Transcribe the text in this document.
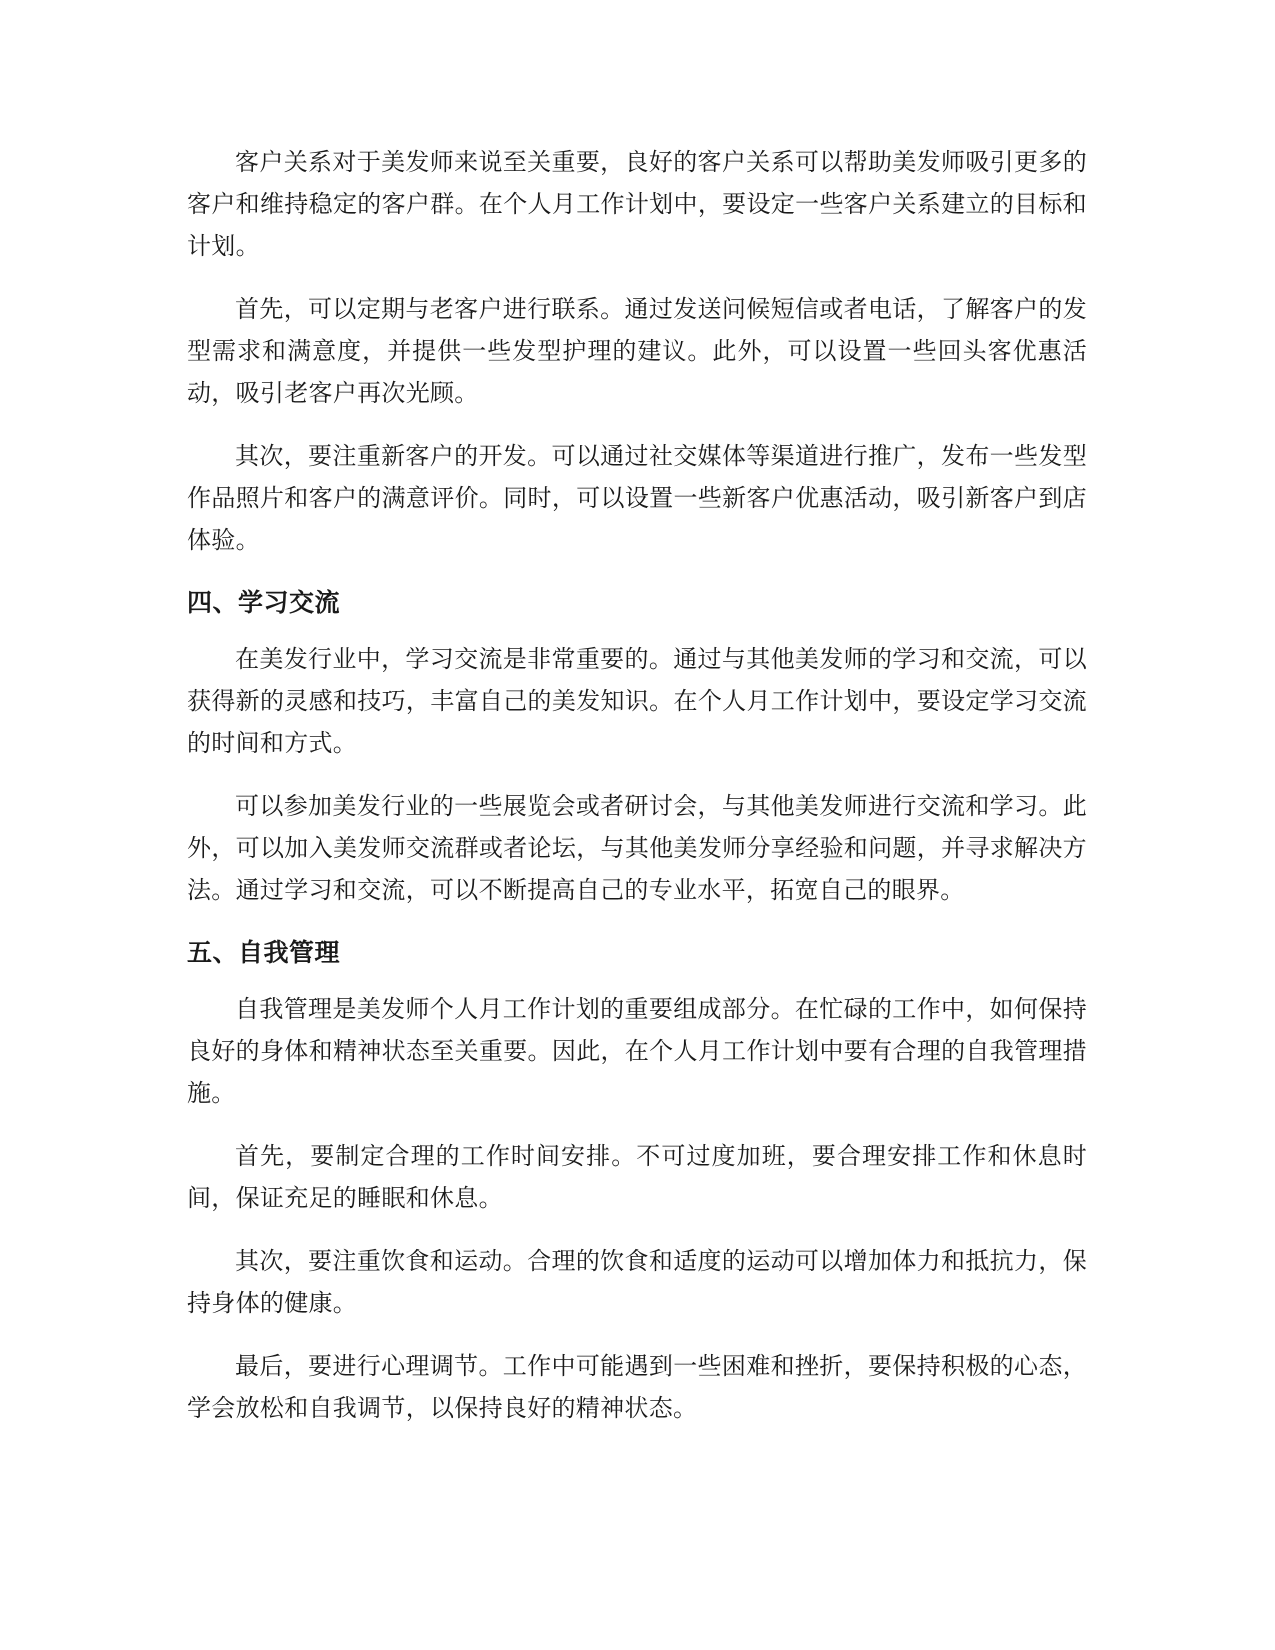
客户关系对于美发师来说至关重要，良好的客户关系可以帮助美发师吸引更多的客户和维持稳定的客户群。在个人月工作计划中，要设定一些客户关系建立的目标和计划。

首先，可以定期与老客户进行联系。通过发送问候短信或者电话，了解客户的发型需求和满意度，并提供一些发型护理的建议。此外，可以设置一些回头客优惠活动，吸引老客户再次光顾。

其次，要注重新客户的开发。可以通过社交媒体等渠道进行推广，发布一些发型作品照片和客户的满意评价。同时，可以设置一些新客户优惠活动，吸引新客户到店体验。

四、学习交流

在美发行业中，学习交流是非常重要的。通过与其他美发师的学习和交流，可以获得新的灵感和技巧，丰富自己的美发知识。在个人月工作计划中，要设定学习交流的时间和方式。

可以参加美发行业的一些展览会或者研讨会，与其他美发师进行交流和学习。此外，可以加入美发师交流群或者论坛，与其他美发师分享经验和问题，并寻求解决方法。通过学习和交流，可以不断提高自己的专业水平，拓宽自己的眼界。

五、自我管理

自我管理是美发师个人月工作计划的重要组成部分。在忙碌的工作中，如何保持良好的身体和精神状态至关重要。因此，在个人月工作计划中要有合理的自我管理措施。

首先，要制定合理的工作时间安排。不可过度加班，要合理安排工作和休息时间，保证充足的睡眠和休息。

其次，要注重饮食和运动。合理的饮食和适度的运动可以增加体力和抵抗力，保持身体的健康。

最后，要进行心理调节。工作中可能遇到一些困难和挫折，要保持积极的心态，学会放松和自我调节，以保持良好的精神状态。
